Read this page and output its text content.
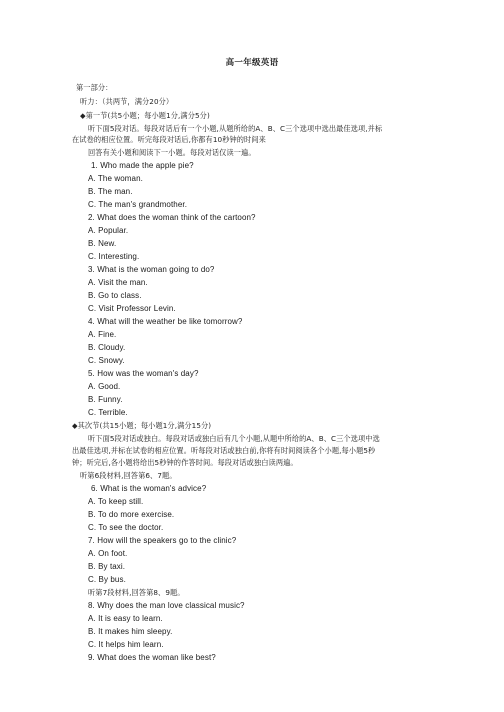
高一年级英语
第一部分：
听力：（共两节，满分20分）
◆第一节(共5小题；每小题1分,满分5分)
听下面5段对话。每段对话后有一个小题,从题所给的A、B、C三个选项中选出最佳选项,并标
在试卷的相应位置。听完每段对话后,你都有10秒钟的时间来
回答有关小题和阅读下一小题。每段对话仅读一遍。
1. Who made the apple pie?
A. The woman.
B. The man.
C. The man's grandmother.
2. What does the woman think of the cartoon?
A. Popular.
B. New.
C. Interesting.
3. What is the woman going to do?
A. Visit the man.
B. Go to class.
C. Visit Professor Levin.
4. What will the weather be like tomorrow?
A. Fine.
B. Cloudy.
C. Snowy.
5. How was the woman's day?
A. Good.
B. Funny.
C. Terrible.
◆其次节(共15小题；每小题1分,满分15分)
听下面5段对话或独白。每段对话或独白后有几个小题,从题中所给的A、B、C三个选项中选
出最佳选项,并标在试卷的相应位置。听每段对话或独白前,你将有时间阅读各个小题,每小题5秒
钟；听完后,各小题将给出5秒钟的作答时间。每段对话或独白读两遍。
听第6段材料,回答第6、7题。
6. What is the woman's advice?
A. To keep still.
B. To do more exercise.
C. To see the doctor.
7. How will the speakers go to the clinic?
A. On foot.
B. By taxi.
C. By bus.
听第7段材料,回答第8、9题。
8. Why does the man love classical music?
A. It is easy to learn.
B. It makes him sleepy.
C. It helps him learn.
9. What does the woman like best?
